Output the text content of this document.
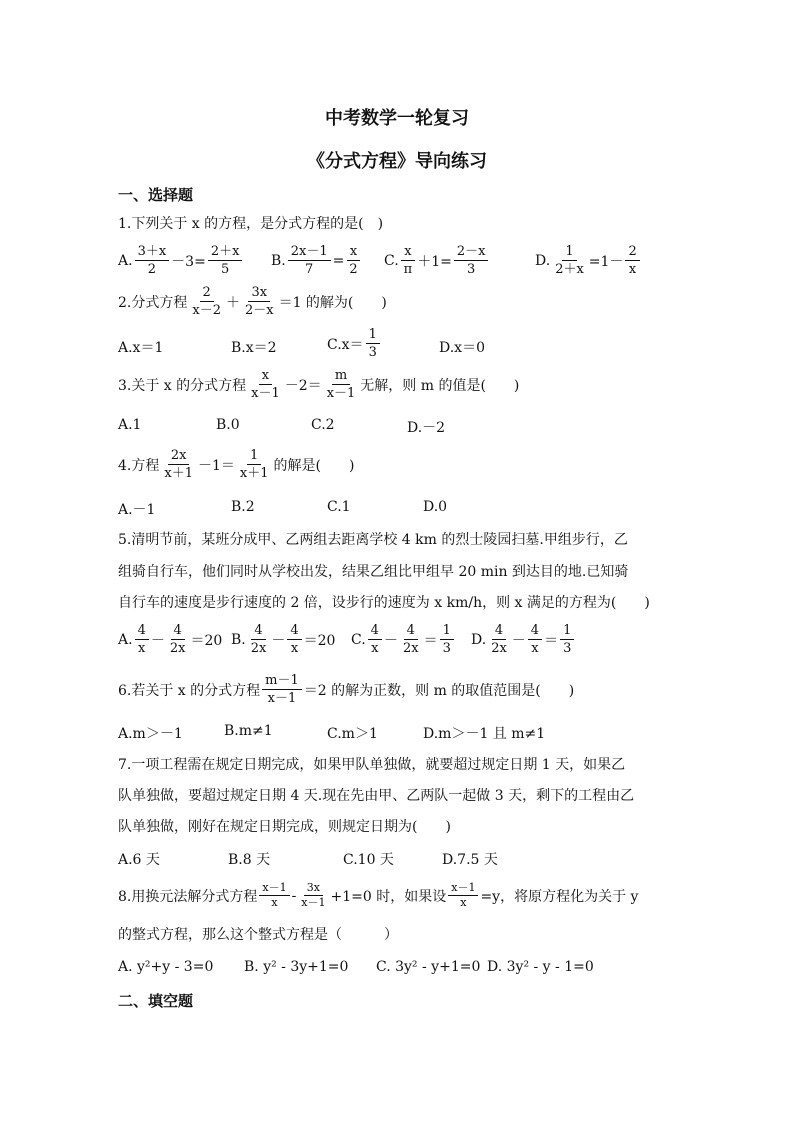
中考数学一轮复习
《分式方程》导向练习
一、选择题
1.下列关于 x 的方程，是分式方程的是(　)
A. $\frac{3+x}{2} -3= \frac{2+x}{5} B$. $\frac{2x-1}{7} = \frac{x}{2} C$. $\frac{x}{\pi} +1= \frac{2-x}{3}$	D. $\frac{1}{2+x} =1- \frac{2}{x}$
2.分式方程 $\frac{2}{x-2} + \frac{3x}{2-x} =1$ 的解为(　　)
A.x＝1	B.x＝2	$C.x= \frac{1}{3}$	D.x＝0
3.关于 x 的分式方程 $\frac{x}{x-1} -2= \frac{m}{x-1}$ 无解，则 m 的值是(　　)
A.1	B.0	C.2	D.－2
4.方程 $\frac{2x}{x+1} -1= \frac{1}{x+1}$ 的解是(　　)
A.－1	B.2	C.1	D.0
5.清明节前，某班分成甲、乙两组去距离学校 4 km 的烈士陵园扫墓.甲组步行，乙
组骑自行车，他们同时从学校出发，结果乙组比甲组早 20 min 到达目的地.已知骑
自行车的速度是步行速度的 2 倍，设步行的速度为 x km/h，则 x 满足的方程为(　　)
A. $\frac{4}{x} - \frac{4}{2x} =20$ B. $\frac{4}{2x} - \frac{4}{x} =20$ C. $\frac{4}{x} - \frac{4}{2x} = \frac{1}{3} D$. $\frac{4}{2x} - \frac{4}{x} = \frac{1}{3}$
6.若关于 x 的分式方程 $\frac{m-1}{x-1} =2$ 的解为正数，则 m 的取值范围是(　　)
A.m＞－1	B.m≠1	C.m＞1	D.m＞－1 且 m≠1
7.一项工程需在规定日期完成，如果甲队单独做，就要超过规定日期 1 天，如果乙
队单独做，要超过规定日期 4 天.现在先由甲、乙两队一起做 3 天，剩下的工程由乙
队单独做，刚好在规定日期完成，则规定日期为(　　)
A.6 天	B.8 天	C.10 天	D.7.5 天
8.用换元法解分式方程 $\frac{x-1}{x} - \frac{3x}{x-1} +1=0$ 时，如果设 $\frac{x-1}{x} =y$，将原方程化为关于 y
的整式方程，那么这个整式方程是（　　　）
A. y²+y - 3=0 B. y² - 3y+1=0 C. 3y² - y+1=0 D. 3y² - y - 1=0
二、填空题
